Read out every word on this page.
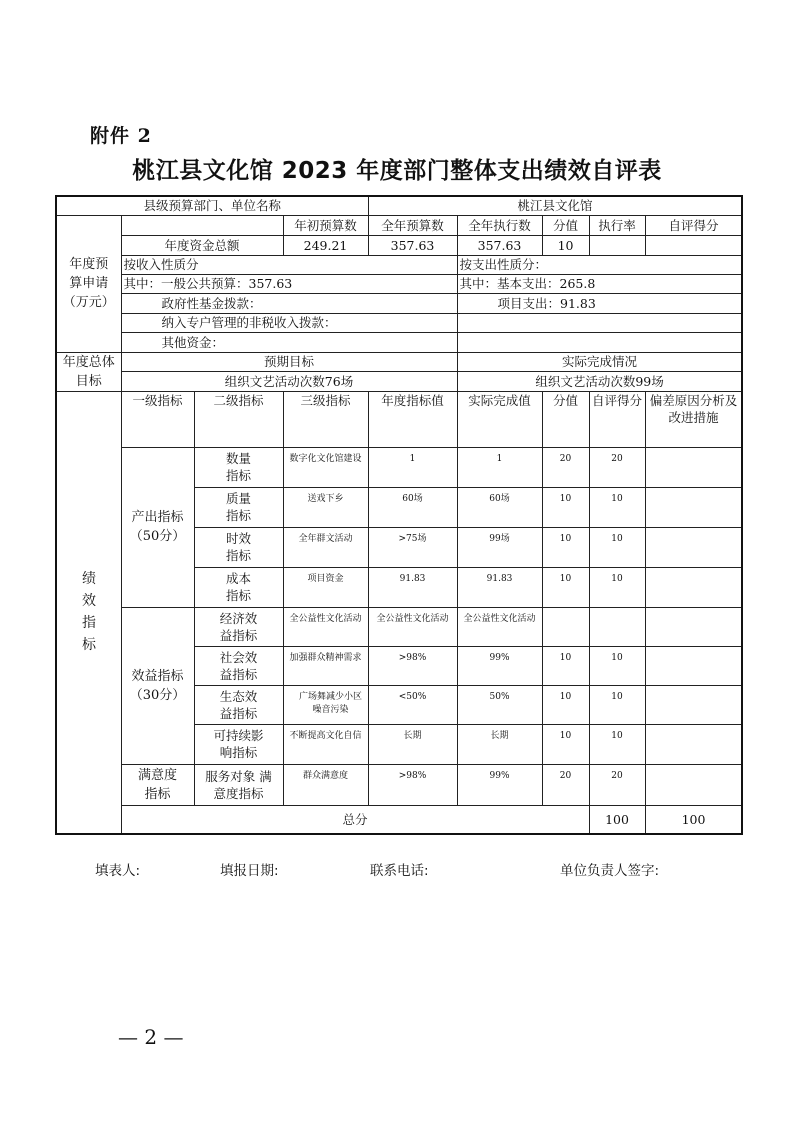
附件 2
桃江县文化馆 2023 年度部门整体支出绩效自评表
县级预算部门、单位名称				桃江县文化馆					
年度预 算申请 （万元）			年初预算数	全年预算数	全年执行数	分值	执行率	自评得分	
	年度资金总额		249.21	357.63	357.63	10			
	按收入性质分				按支出性质分：				
	其中：一般公共预算：357.63				其中：基本支出：265.8				
	政府性基金拨款：				项目支出：91.83				
	纳入专户管理的非税收入拨款：								
	其他资金：								
年度总体目标	预期目标				实际完成情况				
	组织文艺活动次数76场				组织文艺活动次数99场				
绩 效 指 标	一级指标	二级指标	三级指标	年度指标值	实际完成值	分值	自评得分	偏差原因分析及改进措施	
	产出指标 （50分）	数量 指标	数字化文化馆建设	1	1	20	20		
		质量 指标	送戏下乡	60场	60场	10	10		
		时效 指标	全年群文活动	>75场	99场	10	10		
		成本 指标	项目资金	91.83	91.83	10	10		
	效益指标 （30分）	经济效 益指标	全公益性文化活动	全公益性文化活动	全公益性文化活动				
		社会效 益指标	加强群众精神需求	>98%	99%	10	10		
		生态效 益指标	广场舞减少小区噪音污染	<50%	50%	10	10		
		可持续影 响指标	不断提高文化自信	长期	长期	10	10		
	满意度 指标	服务对象 满意度指标	群众满意度	>98%	99%	20	20		
	总分						100	100	
填表人:	填报日期:	联系电话:	单位负责人签字:
— 2 —
